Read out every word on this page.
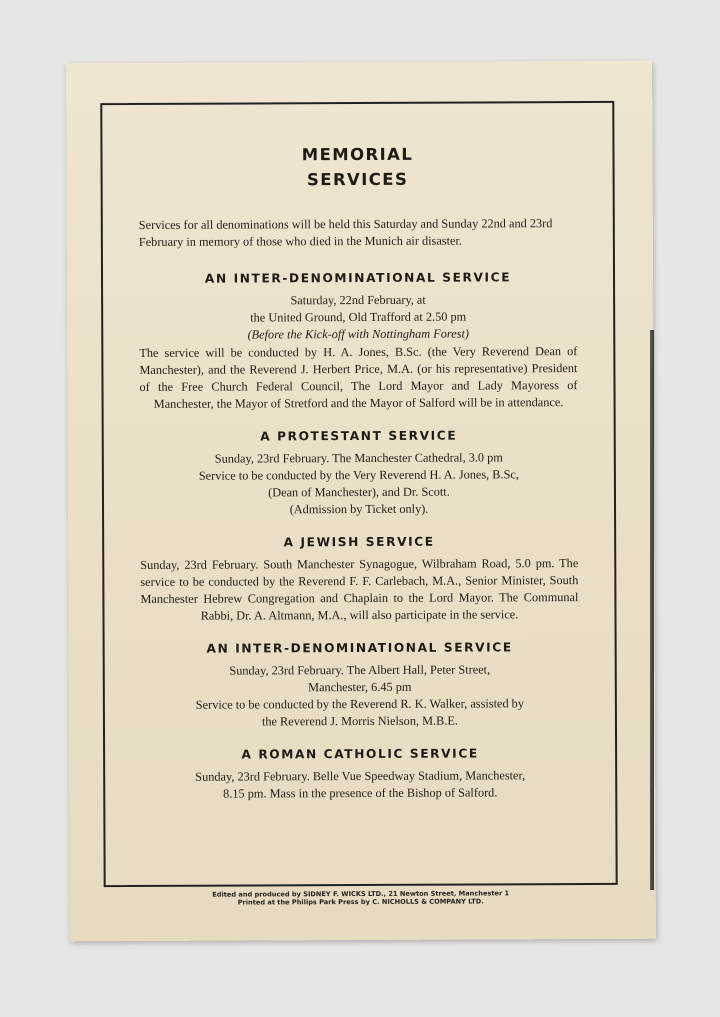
MEMORIAL
SERVICES

Services for all denominations will be held this Saturday and Sunday 22nd and 23rd February in memory of those who died in the Munich air disaster.

AN INTER-DENOMINATIONAL SERVICE

Saturday, 22nd February, at

the United Ground, Old Trafford at 2.50 pm

(Before the Kick-off with Nottingham Forest)

The service will be conducted by H. A. Jones, B.Sc. (the Very Reverend Dean of Manchester), and the Reverend J. Herbert Price, M.A. (or his representative) President of the Free Church Federal Council, The Lord Mayor and Lady Mayoress of Manchester, the Mayor of Stretford and the Mayor of Salford will be in attendance.

A PROTESTANT SERVICE

Sunday, 23rd February. The Manchester Cathedral, 3.0 pm

Service to be conducted by the Very Reverend H. A. Jones, B.Sc,

(Dean of Manchester), and Dr. Scott.

(Admission by Ticket only).

A JEWISH SERVICE

Sunday, 23rd February. South Manchester Synagogue, Wilbraham Road, 5.0 pm. The service to be conducted by the Reverend F. F. Carlebach, M.A., Senior Minister, South Manchester Hebrew Congregation and Chaplain to the Lord Mayor. The Communal Rabbi, Dr. A. Altmann, M.A., will also participate in the service.

AN INTER-DENOMINATIONAL SERVICE

Sunday, 23rd February. The Albert Hall, Peter Street,

Manchester, 6.45 pm

Service to be conducted by the Reverend R. K. Walker, assisted by

the Reverend J. Morris Nielson, M.B.E.

A ROMAN CATHOLIC SERVICE

Sunday, 23rd February. Belle Vue Speedway Stadium, Manchester,

8.15 pm. Mass in the presence of the Bishop of Salford.

Edited and produced by SIDNEY F. WICKS LTD., 21 Newton Street, Manchester 1
Printed at the Philips Park Press by C. NICHOLLS & COMPANY LTD.
